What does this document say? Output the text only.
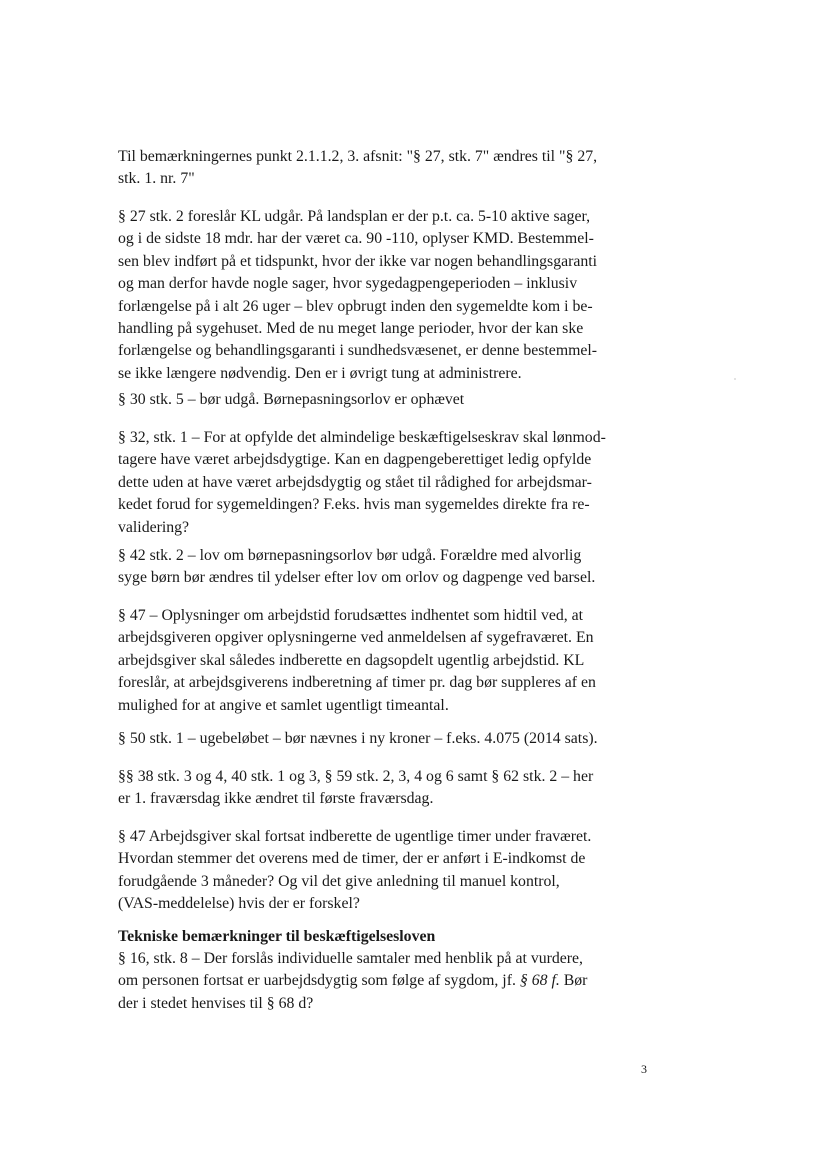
Til bemærkningernes punkt 2.1.1.2, 3. afsnit: "§ 27, stk. 7" ændres til "§ 27,
stk. 1. nr. 7"
§ 27 stk. 2 foreslår KL udgår. På landsplan er der p.t. ca. 5-10 aktive sager,
og i de sidste 18 mdr. har der været ca. 90 -110, oplyser KMD. Bestemmel-
sen blev indført på et tidspunkt, hvor der ikke var nogen behandlingsgaranti
og man derfor havde nogle sager, hvor sygedagpengeperioden – inklusiv
forlængelse på i alt 26 uger – blev opbrugt inden den sygemeldte kom i be-
handling på sygehuset. Med de nu meget lange perioder, hvor der kan ske
forlængelse og behandlingsgaranti i sundhedsvæsenet, er denne bestemmel-
se ikke længere nødvendig. Den er i øvrigt tung at administrere.
§ 30 stk. 5 – bør udgå. Børnepasningsorlov er ophævet
§ 32, stk. 1 – For at opfylde det almindelige beskæftigelseskrav skal lønmod-
tagere have været arbejdsdygtige. Kan en dagpengeberettiget ledig opfylde
dette uden at have været arbejdsdygtig og stået til rådighed for arbejdsmar-
kedet forud for sygemeldingen? F.eks. hvis man sygemeldes direkte fra re-
validering?
§ 42 stk. 2 – lov om børnepasningsorlov bør udgå. Forældre med alvorlig
syge børn bør ændres til ydelser efter lov om orlov og dagpenge ved barsel.
§ 47 – Oplysninger om arbejdstid forudsættes indhentet som hidtil ved, at
arbejdsgiveren opgiver oplysningerne ved anmeldelsen af sygefraværet. En
arbejdsgiver skal således indberette en dagsopdelt ugentlig arbejdstid. KL
foreslår, at arbejdsgiverens indberetning af timer pr. dag bør suppleres af en
mulighed for at angive et samlet ugentligt timeantal.
§ 50 stk. 1 – ugebeløbet – bør nævnes i ny kroner – f.eks. 4.075 (2014 sats).
§§ 38 stk. 3 og 4, 40 stk. 1 og 3, § 59 stk. 2, 3, 4 og 6 samt § 62 stk. 2 – her
er 1. fraværsdag ikke ændret til første fraværsdag.
§ 47 Arbejdsgiver skal fortsat indberette de ugentlige timer under fraværet.
Hvordan stemmer det overens med de timer, der er anført i E-indkomst de
forudgående 3 måneder? Og vil det give anledning til manuel kontrol,
(VAS-meddelelse) hvis der er forskel?
Tekniske bemærkninger til beskæftigelsesloven
§ 16, stk. 8 – Der forslås individuelle samtaler med henblik på at vurdere,
om personen fortsat er uarbejdsdygtig som følge af sygdom, jf. § 68 f. Bør
der i stedet henvises til § 68 d?
3
